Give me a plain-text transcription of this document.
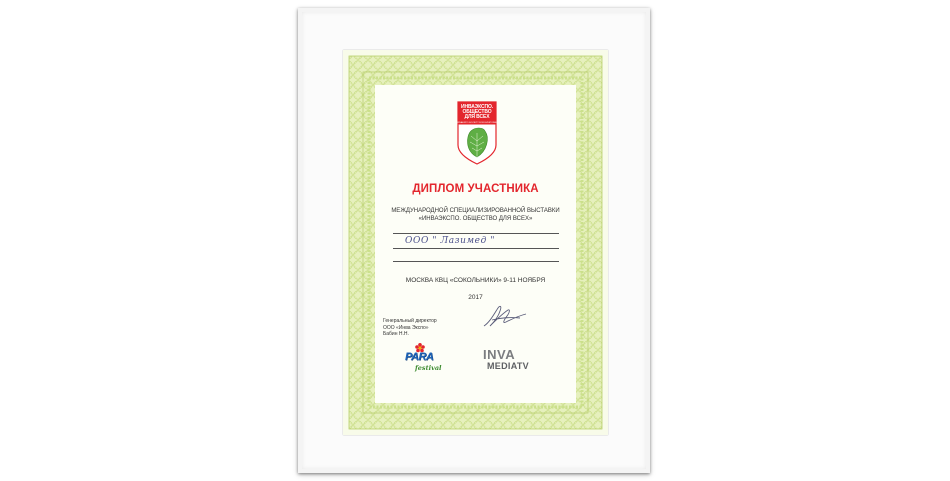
ИНВАЭКСПО.
ОБЩЕСТВО
ДЛЯ ВСЕХ
INVAEXPO SOCIETY FOR EVERYONE
ДИПЛОМ УЧАСТНИКА
МЕЖДУНАРОДНОЙ СПЕЦИАЛИЗИРОВАННОЙ ВЫСТАВКИ
«ИНВАЭКСПО. ОБЩЕСТВО ДЛЯ ВСЕХ»
ООО " Лазимед "
МОСКВА КВЦ «СОКОЛЬНИКИ» 9-11 НОЯБРЯ
2017
Генеральный директор
ООО «Инва Экспо»
Бабин Н.Н.
PARA
festival
INVA
MEDIATV
